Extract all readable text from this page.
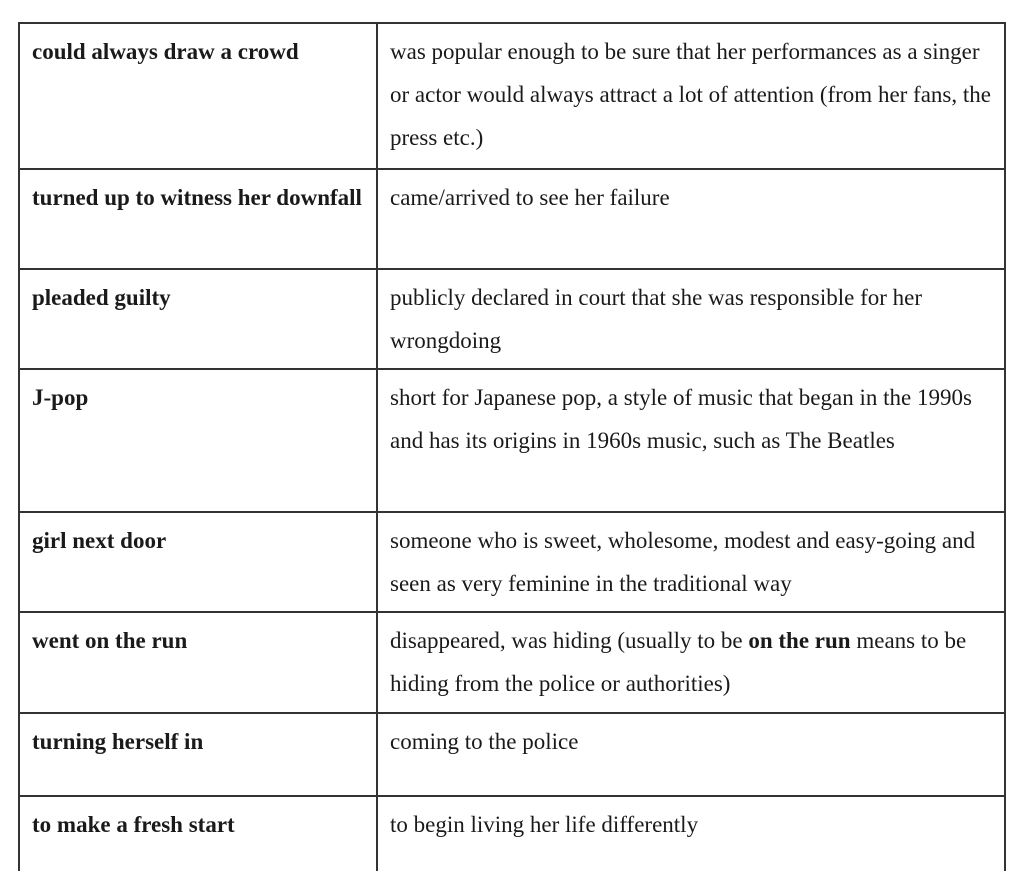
could always draw a crowd	was popular enough to be sure that her performances as a singer or actor would always attract a lot of attention (from her fans, the press etc.)
turned up to witness her downfall	came/arrived to see her failure
pleaded guilty	publicly declared in court that she was responsible for her wrongdoing
J-pop	short for Japanese pop, a style of music that began in the 1990s and has its origins in 1960s music, such as The Beatles
girl next door	someone who is sweet, wholesome, modest and easy-going and seen as very feminine in the traditional way
went on the run	disappeared, was hiding (usually to be on the run means to be hiding from the police or authorities)
turning herself in	coming to the police
to make a fresh start	to begin living her life differently
